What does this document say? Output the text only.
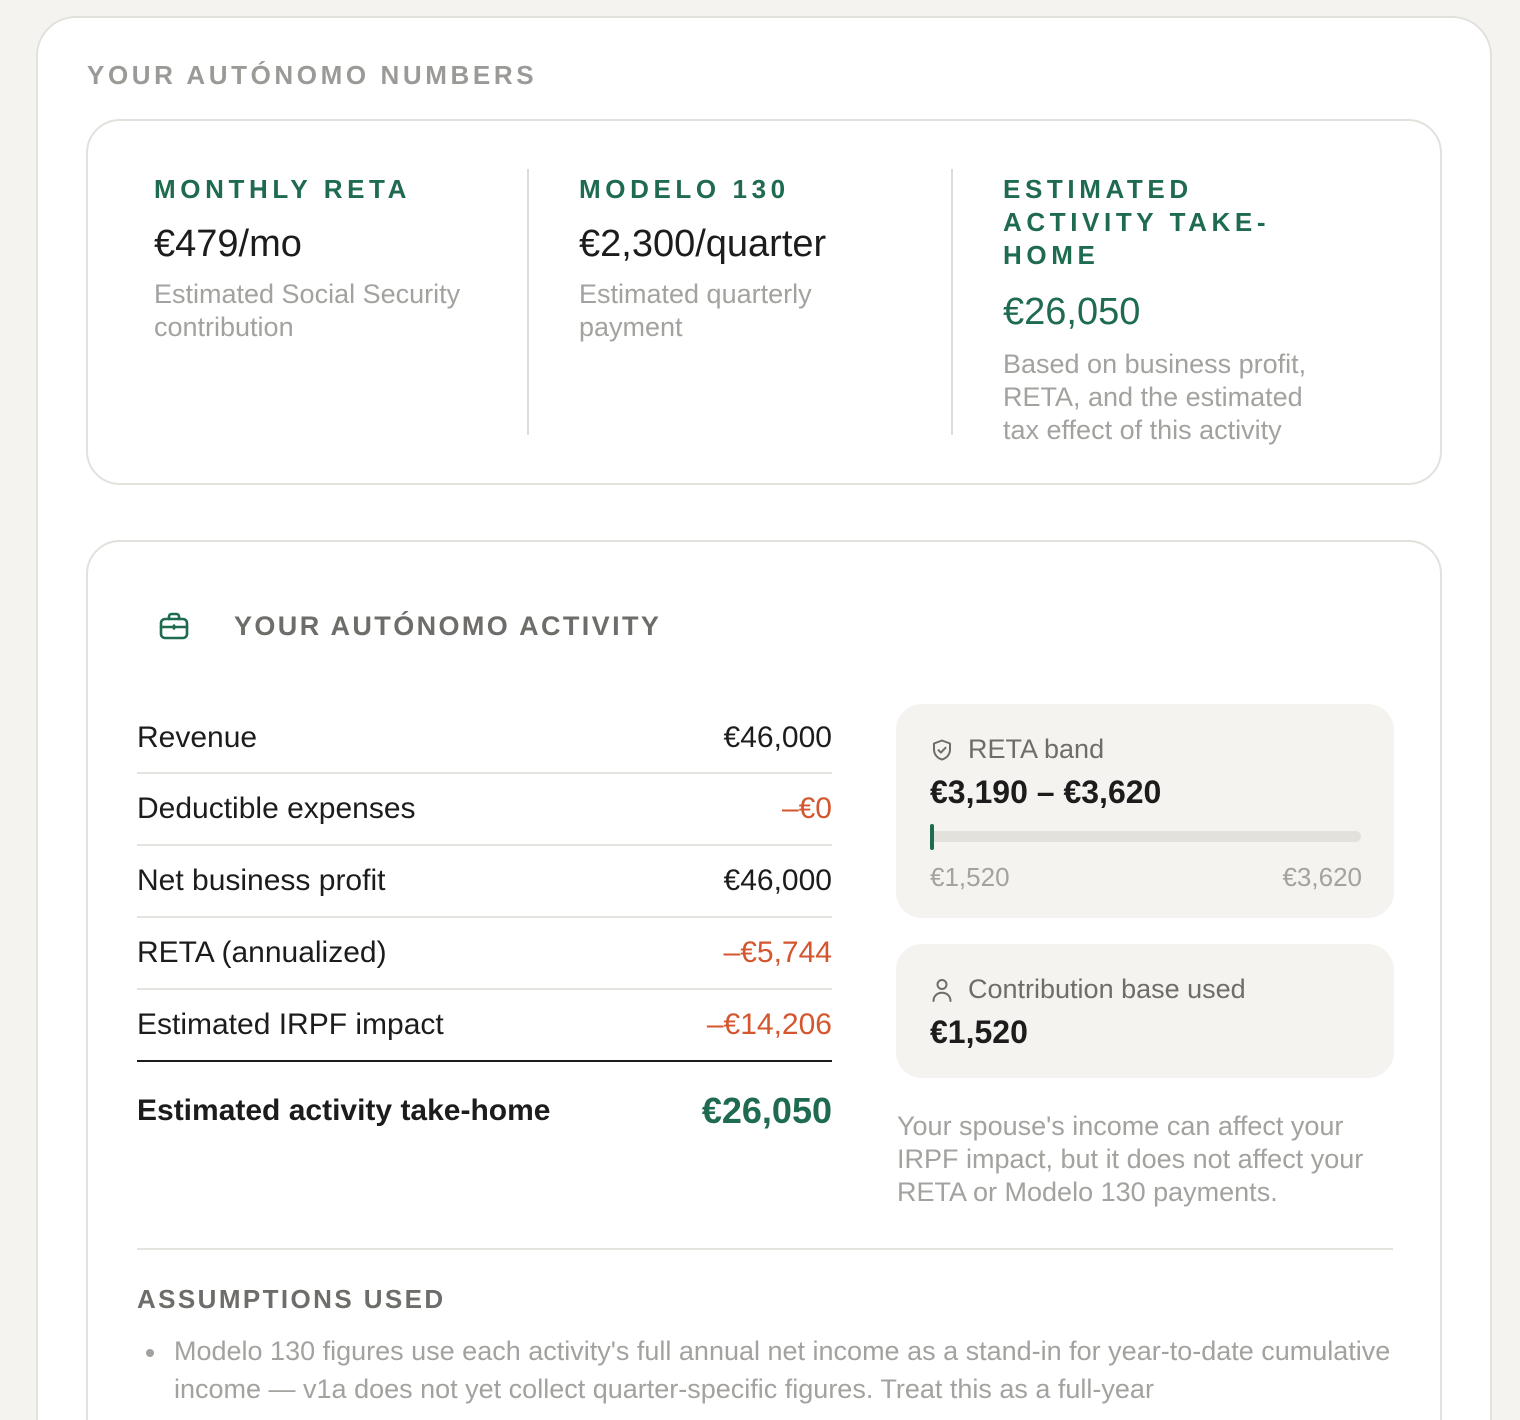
YOUR AUTÓNOMO NUMBERS
MONTHLY RETA
€479/mo
Estimated Social Security contribution
MODELO 130
€2,300/quarter
Estimated quarterly payment
ESTIMATED ACTIVITY TAKE-HOME
€26,050
Based on business profit, RETA, and the estimated tax effect of this activity
YOUR AUTÓNOMO ACTIVITY
Revenue	€46,000
Deductible expenses	–€0
Net business profit	€46,000
RETA (annualized)	–€5,744
Estimated IRPF impact	–€14,206
Estimated activity take-home	€26,050
RETA band
€3,190 – €3,620
€1,520	€3,620
Contribution base used
€1,520
Your spouse's income can affect your IRPF impact, but it does not affect your RETA or Modelo 130 payments.
ASSUMPTIONS USED
Modelo 130 figures use each activity's full annual net income as a stand-in for year-to-date cumulative income — v1a does not yet collect quarter-specific figures. Treat this as a full-year
